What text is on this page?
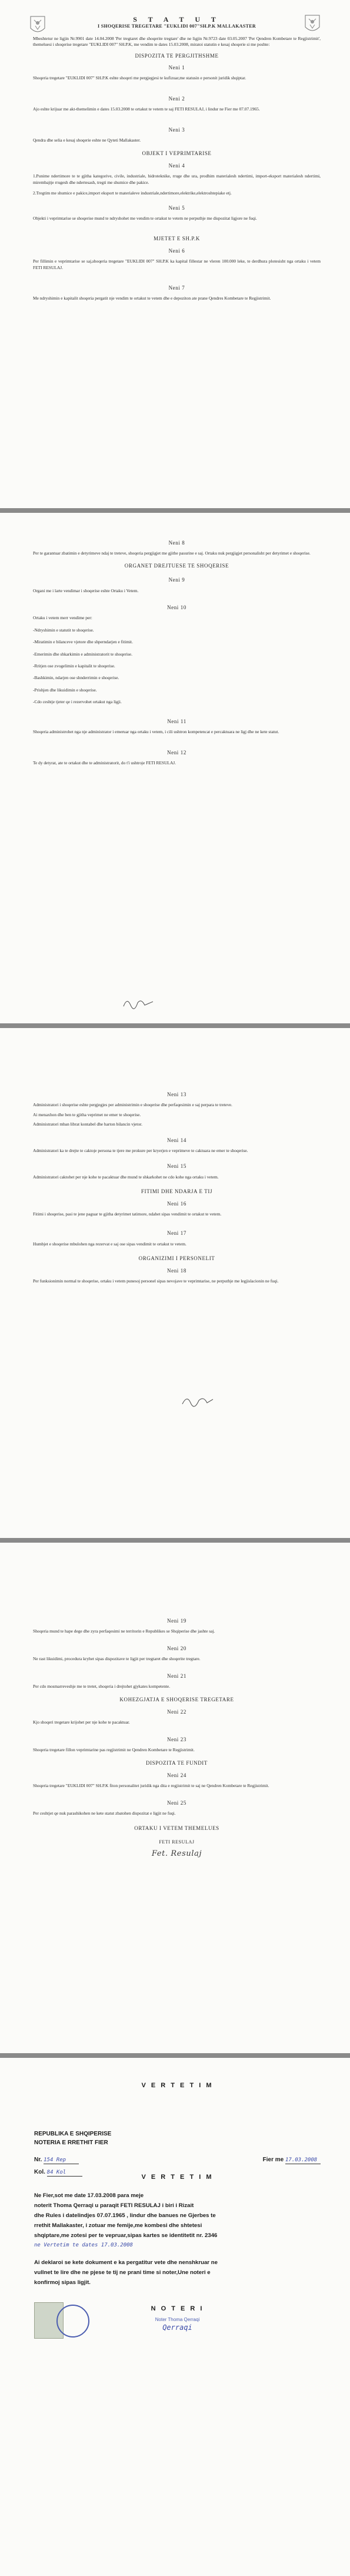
S T A T U T

I SHOQERISE TREGETARE "EUKLIDI 007"SH.P.K MALLAKASTER

Mbeshtetur ne ligjin Nr.9901 date 14.04.2008 'Per tregtaret dhe shoqerite tregtare' dhe ne ligjin Nr.9723 date 03.05.2007 'Per Qendren Kombetare te Regjistrimit', themeluesi i shoqerise tregetare "EUKLIDI 007" SH.P.K, me vendim te dates 15.03.2008, miratoi statutin e kesaj shoqerie si me poshte:

DISPOZITA TE PERGJITHSHME

Neni 1

Shoqeria tregetare "EUKLIDI 007" SH.P.K eshte shoqeri me pergjegjesi te kufizuar,me statusin e personit juridik shqiptar.

Neni 2

Ajo eshte krijuar me akt-themelimin e dates 15.03.2008 te ortakut te vetem te saj FETI RESULAJ, i lindur ne Fier me 07.07.1965.

Neni 3

Qendra dhe selia e kesaj shoqerie eshte ne Qyteti Mallakaster.

OBJEKT I VEPRIMTARISE

Neni 4

1.Punime ndertimore te te gjitha kategorive, civile, industriale, hidroteknike, rruge dhe ura, prodhim materialesh ndertimi, import-eksport materialesh ndertimi, mirembajtje rrugesh dhe ndertesash, tregti me shumice dhe pakice.

2.Tregtim me shumice e pakice,import eksport te materialeve industriale,ndertimore,elektrike,elektroshtepiake etj.

Neni 5

Objekti i veprimtarise se shoqerise mund te ndryshohet me vendim te ortakut te vetem ne perputhje me dispozitat ligjore ne fuqi.

MJETET E SH.P.K

Neni 6

Per fillimin e veprimtarise se saj,shoqeria tregetare "EUKLIDI 007" SH.P.K ka kapital fillestar ne vleren 100.000 leke, te derdhura plotesisht nga ortaku i vetem FETI RESULAJ.

Neni 7

Me ndryshimin e kapitalit shoqeria pergatit nje vendim te ortakut te vetem dhe e depoziton ate prane Qendres Kombetare te Regjistrimit.

Neni 8

Per te garantuar zbatimin e detyrimeve ndaj te treteve, shoqeria pergjigjet me gjithe pasurine e saj. Ortaku nuk pergjigjet personalisht per detyrimet e shoqerise.

ORGANET DREJTUESE TE SHOQERISE

Neni 9

Organi me i larte vendimar i shoqerise eshte Ortaku i Vetem.

Neni 10

Ortaku i vetem merr vendime per:

-Ndryshimin e statutit te shoqerise.

-Miratimin e bilanceve vjetore dhe shperndarjen e fitimit.

-Emerimin dhe shkarkimin e administratorit te shoqerise.

-Rritjen ose zvogelimin e kapitalit te shoqerise.

-Bashkimin, ndarjen ose shnderrimin e shoqerise.

-Prishjen dhe likuidimin e shoqerise.

-Cdo ceshtje tjeter qe i rezervohet ortakut nga ligji.

Neni 11

Shoqeria administrohet nga nje administrator i emeruar nga ortaku i vetem, i cili ushtron kompetencat e percaktuara ne ligj dhe ne kete statut.

Neni 12

Te dy detyrat, ate te ortakut dhe te administratorit, do t'i ushtroje FETI RESULAJ.

Neni 13

Administratori i shoqerise eshte pergjegjes per administrimin e shoqerise dhe perfaqesimin e saj perpara te treteve.

Ai menaxhon dhe ben te gjitha veprimet ne emer te shoqerise.

Administratori mban librat kontabel dhe harton bilancin vjetor.

Neni 14

Administratori ka te drejte te caktoje persona te tjere me prokure per kryerjen e veprimeve te caktuara ne emer te shoqerise.

Neni 15

Administratori caktohet per nje kohe te pacaktuar dhe mund te shkarkohet ne cdo kohe nga ortaku i vetem.

FITIMI DHE NDARJA E TIJ

Neni 16

Fitimi i shoqerise, pasi te jene paguar te gjitha detyrimet tatimore, ndahet sipas vendimit te ortakut te vetem.

Neni 17

Humbjet e shoqerise mbulohen nga rezervat e saj ose sipas vendimit te ortakut te vetem.

ORGANIZIMI I PERSONELIT

Neni 18

Per funksionimin normal te shoqerise, ortaku i vetem punesoj personel sipas nevojave te veprimtarise, ne perputhje me legjislacionin ne fuqi.

Neni 19

Shoqeria mund te hape dege dhe zyra perfaqesimi ne territorin e Republikes se Shqiperise dhe jashte saj.

Neni 20

Ne rast likuidimi, procedura kryhet sipas dispozitave te ligjit per tregtaret dhe shoqerite tregtare.

Neni 21

Per cdo mosmarreveshje me te tretet, shoqeria i drejtohet gjykates kompetente.

KOHEZGJATJA E SHOQERISE TREGETARE

Neni 22

Kjo shoqeri tregetare krijohet per nje kohe te pacaktuar.

Neni 23

Shoqeria tregetare fillon veprimtarine pas regjistrimit ne Qendren Kombetare te Regjistrimit.

DISPOZITA TE FUNDIT

Neni 24

Shoqeria tregetare "EUKLIDI 007" SH.P.K fiton personalitet juridik nga dita e regjistrimit te saj ne Qendren Kombetare te Regjistrimit.

Neni 25

Per ceshtjet qe nuk parashikohen ne kete statut zbatohen dispozitat e ligjit ne fuqi.

ORTAKU I VETEM THEMELUES

FETI RESULAJ

Fet. Resulaj

V E R T E T I M

REPUBLIKA E SHQIPERISE

NOTERIA E RRETHIT FIER

Nr. 154 Rep	Fier me 17.03.2008

Kol. 84 Kol

V E R T E T I M

Ne Fier,sot me date 17.03.2008 para meje

noterit Thoma Qerraqi u paraqit FETI RESULAJ i biri i Rizait

dhe Rules i datelindjes 07.07.1965 , lindur dhe banues ne Gjerbes te

rrethit Mallakaster, i zotuar me femije,me kombesi dhe shtetesi

shqiptare,me zotesi per te vepruar,sipas kartes se identitetit nr. 2346

ne Vertetim te dates 17.03.2008

Ai deklaroi se kete dokument e ka pergatitur vete dhe nenshkruar ne

vullnet te lire dhe ne pjese te tij ne prani time si noter,Une noteri e

konfirmoj sipas ligjit.

N O T E R I

Noter Thoma Qerraqi

Qerraqi
